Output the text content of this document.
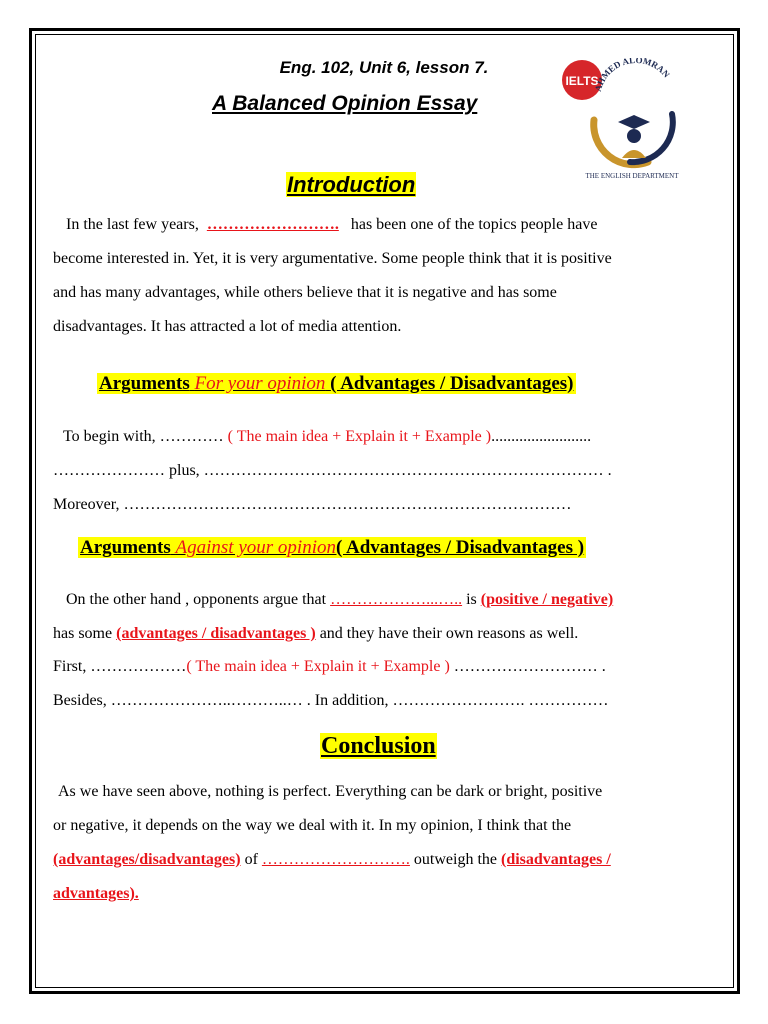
Eng. 102, Unit 6, lesson 7.
A Balanced Opinion Essay
IELTS
AHMED ALOMRAN
THE ENGLISH DEPARTMENT
Introduction
In the last few years, ……………………. has been one of the topics people have
become interested in. Yet, it is very argumentative. Some people think that it is positive
and has many advantages, while others believe that it is negative and has some
disadvantages. It has attracted a lot of media attention.
Arguments For your opinion ( Advantages / Disadvantages)
To begin with, ………… ( The main idea + Explain it + Example ).........................
………………… plus, ………………………………………………………………… .
Moreover, …………………………………………………………………………
Arguments Against your opinion( Advantages / Disadvantages )
On the other hand , opponents argue that ………………...….. is (positive / negative)
has some (advantages / disadvantages ) and they have their own reasons as well.
First, ………………( The main idea + Explain it + Example ) ……………………… .
Besides, …………………..………..… . In addition, ……………………. ……………
Conclusion
As we have seen above, nothing is perfect. Everything can be dark or bright, positive
or negative, it depends on the way we deal with it. In my opinion, I think that the
(advantages/disadvantages) of ………………………. outweigh the (disadvantages /
advantages).
